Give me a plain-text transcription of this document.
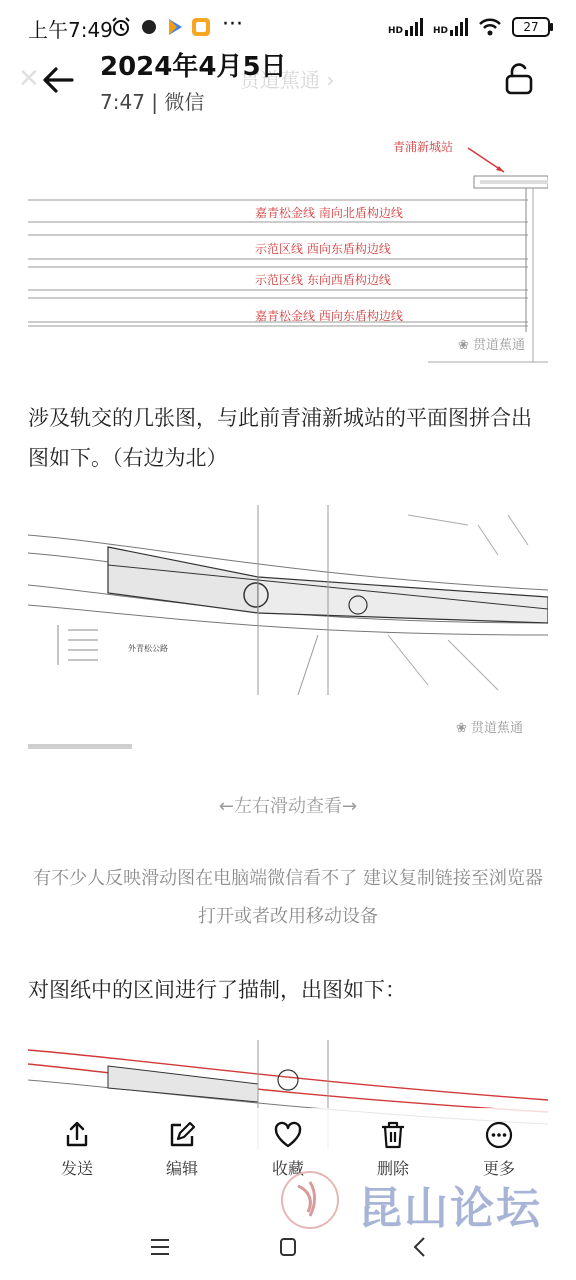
上午7:49	···	HD	HD	27
✕	贯道蕉通 ›
2024年4月5日
7:47 | 微信
青浦新城站
嘉青松金线 南向北盾构边线
示范区线 西向东盾构边线
示范区线 东向西盾构边线
嘉青松金线 西向东盾构边线
❀ 贯道蕉通
涉及轨交的几张图，与此前青浦新城站的平面图拼合出图如下。（右边为北）
外青松公路
❀ 贯道蕉通
←左右滑动查看→
有不少人反映滑动图在电脑端微信看不了 建议复制链接至浏览器打开或者改用移动设备
对图纸中的区间进行了描制，出图如下：
发送	编辑	收藏	删除	更多
昆山论坛
